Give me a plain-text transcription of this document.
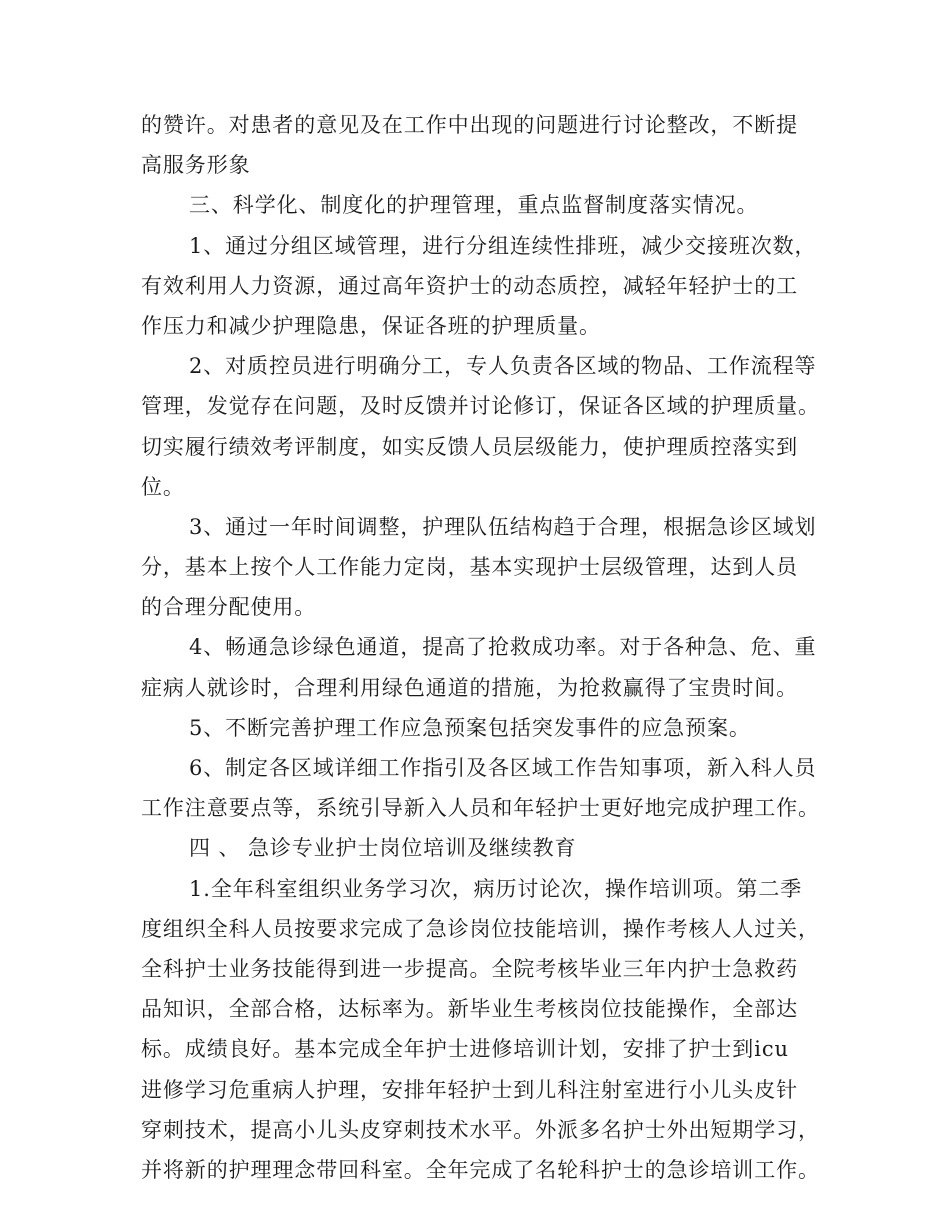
的赞许。对患者的意见及在工作中出现的问题进行讨论整改，不断提
高服务形象
三、科学化、制度化的护理管理，重点监督制度落实情况。
1、通过分组区域管理，进行分组连续性排班，减少交接班次数，
有效利用人力资源，通过高年资护士的动态质控，减轻年轻护士的工
作压力和减少护理隐患，保证各班的护理质量。
2、对质控员进行明确分工，专人负责各区域的物品、工作流程等
管理，发觉存在问题，及时反馈并讨论修订，保证各区域的护理质量。
切实履行绩效考评制度，如实反馈人员层级能力，使护理质控落实到
位。
3、通过一年时间调整，护理队伍结构趋于合理，根据急诊区域划
分，基本上按个人工作能力定岗，基本实现护士层级管理，达到人员
的合理分配使用。
4、畅通急诊绿色通道，提高了抢救成功率。对于各种急、危、重
症病人就诊时，合理利用绿色通道的措施，为抢救赢得了宝贵时间。
5、不断完善护理工作应急预案包括突发事件的应急预案。
6、制定各区域详细工作指引及各区域工作告知事项，新入科人员
工作注意要点等，系统引导新入人员和年轻护士更好地完成护理工作。
四 、 急诊专业护士岗位培训及继续教育
1.全年科室组织业务学习次，病历讨论次，操作培训项。第二季
度组织全科人员按要求完成了急诊岗位技能培训，操作考核人人过关，
全科护士业务技能得到进一步提高。全院考核毕业三年内护士急救药
品知识，全部合格，达标率为。新毕业生考核岗位技能操作，全部达
标。成绩良好。基本完成全年护士进修培训计划，安排了护士到icu
进修学习危重病人护理，安排年轻护士到儿科注射室进行小儿头皮针
穿刺技术，提高小儿头皮穿刺技术水平。外派多名护士外出短期学习，
并将新的护理理念带回科室。全年完成了名轮科护士的急诊培训工作。
